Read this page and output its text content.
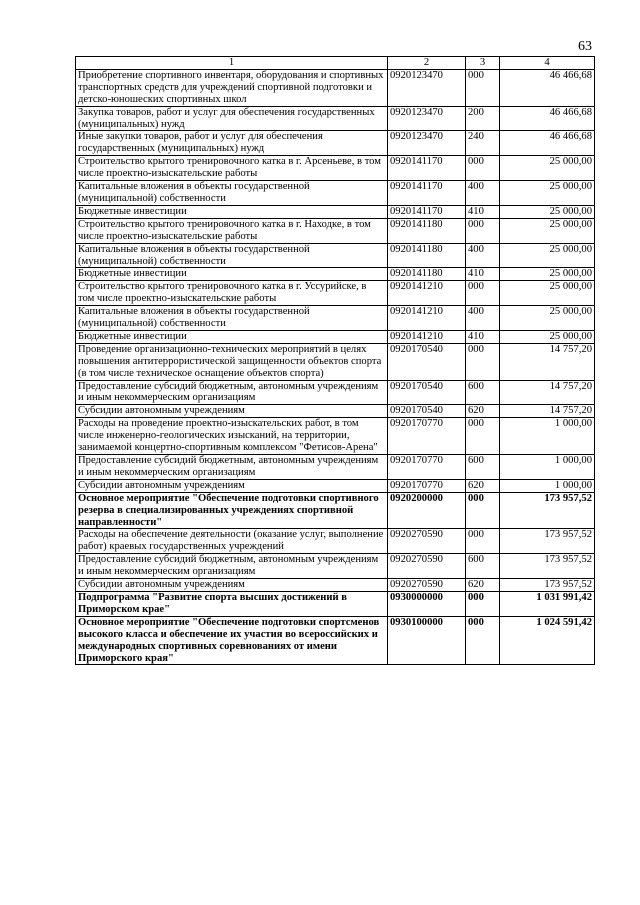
63
1	2	3	4
Приобретение спортивного инвентаря, оборудования и спортивных транспортных средств для учреждений спортивной подготовки и детско-юношеских спортивных школ	0920123470	000	46 466,68
Закупка товаров, работ и услуг для обеспечения государственных (муниципальных) нужд	0920123470	200	46 466,68
Иные закупки товаров, работ и услуг для обеспечения государственных (муниципальных) нужд	0920123470	240	46 466,68
Строительство крытого тренировочного катка в г. Арсеньеве, в том числе проектно-изыскательские работы	0920141170	000	25 000,00
Капитальные вложения в объекты государственной (муниципальной) собственности	0920141170	400	25 000,00
Бюджетные инвестиции	0920141170	410	25 000,00
Строительство крытого тренировочного катка в г. Находке, в том числе проектно-изыскательские работы	0920141180	000	25 000,00
Капитальные вложения в объекты государственной (муниципальной) собственности	0920141180	400	25 000,00
Бюджетные инвестиции	0920141180	410	25 000,00
Строительство крытого тренировочного катка в г. Уссурийске, в том числе проектно-изыскательские работы	0920141210	000	25 000,00
Капитальные вложения в объекты государственной (муниципальной) собственности	0920141210	400	25 000,00
Бюджетные инвестиции	0920141210	410	25 000,00
Проведение организационно-технических мероприятий в целях повышения антитеррористической защищенности объектов спорта (в том числе техническое оснащение объектов спорта)	0920170540	000	14 757,20
Предоставление субсидий бюджетным, автономным учреждениям и иным некоммерческим организациям	0920170540	600	14 757,20
Субсидии автономным учреждениям	0920170540	620	14 757,20
Расходы на проведение проектно-изыскательских работ, в том числе инженерно-геологических изысканий, на территории, занимаемой концертно-спортивным комплексом "Фетисов-Арена"	0920170770	000	1 000,00
Предоставление субсидий бюджетным, автономным учреждениям и иным некоммерческим организациям	0920170770	600	1 000,00
Субсидии автономным учреждениям	0920170770	620	1 000,00
Основное мероприятие "Обеспечение подготовки спортивного резерва в специализированных учреждениях спортивной направленности"	0920200000	000	173 957,52
Расходы на обеспечение деятельности (оказание услуг, выполнение работ) краевых государственных учреждений	0920270590	000	173 957,52
Предоставление субсидий бюджетным, автономным учреждениям и иным некоммерческим организациям	0920270590	600	173 957,52
Субсидии автономным учреждениям	0920270590	620	173 957,52
Подпрограмма "Развитие спорта высших достижений в Приморском крае"	0930000000	000	1 031 991,42
Основное мероприятие "Обеспечение подготовки спортсменов высокого класса и обеспечение их участия во всероссийских и международных спортивных соревнованиях от имени Приморского края"	0930100000	000	1 024 591,42
